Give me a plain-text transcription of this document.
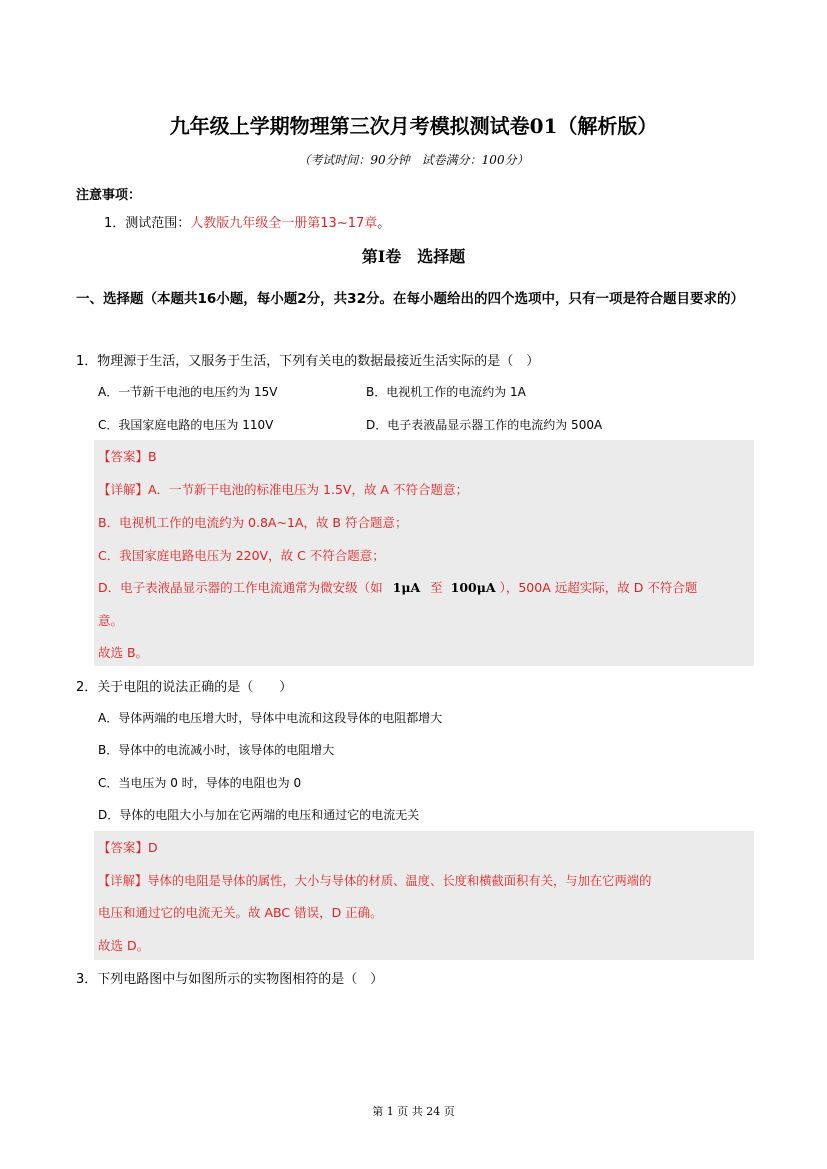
九年级上学期物理第三次月考模拟测试卷01（解析版）
（考试时间：90分钟　试卷满分：100分）
注意事项：
1．测试范围：人教版九年级全一册第13~17章。
第Ⅰ卷　选择题
一、选择题（本题共16小题，每小题2分，共32分。在每小题给出的四个选项中，只有一项是符合题目要求的）
1．物理源于生活，又服务于生活，下列有关电的数据最接近生活实际的是（　）
A．一节新干电池的电压约为 15V	B．电视机工作的电流约为 1A
C．我国家庭电路的电压为 110V	D．电子表液晶显示器工作的电流约为 500A
【答案】B
【详解】A．一节新干电池的标准电压为 1.5V，故 A 不符合题意；
B．电视机工作的电流约为 0.8A~1A，故 B 符合题意；
C．我国家庭电路电压为 220V，故 C 不符合题意；
D．电子表液晶显示器的工作电流通常为微安级（如 1μA 至 100μA ），500A 远超实际，故 D 不符合题
意。
故选 B。
2．关于电阻的说法正确的是（　　）
A．导体两端的电压增大时，导体中电流和这段导体的电阻都增大
B．导体中的电流减小时，该导体的电阻增大
C．当电压为 0 时，导体的电阻也为 0
D．导体的电阻大小与加在它两端的电压和通过它的电流无关
【答案】D
【详解】导体的电阻是导体的属性，大小与导体的材质、温度、长度和横截面积有关，与加在它两端的
电压和通过它的电流无关。故 ABC 错误，D 正确。
故选 D。
3．下列电路图中与如图所示的实物图相符的是（　）
第 1 页 共 24 页
